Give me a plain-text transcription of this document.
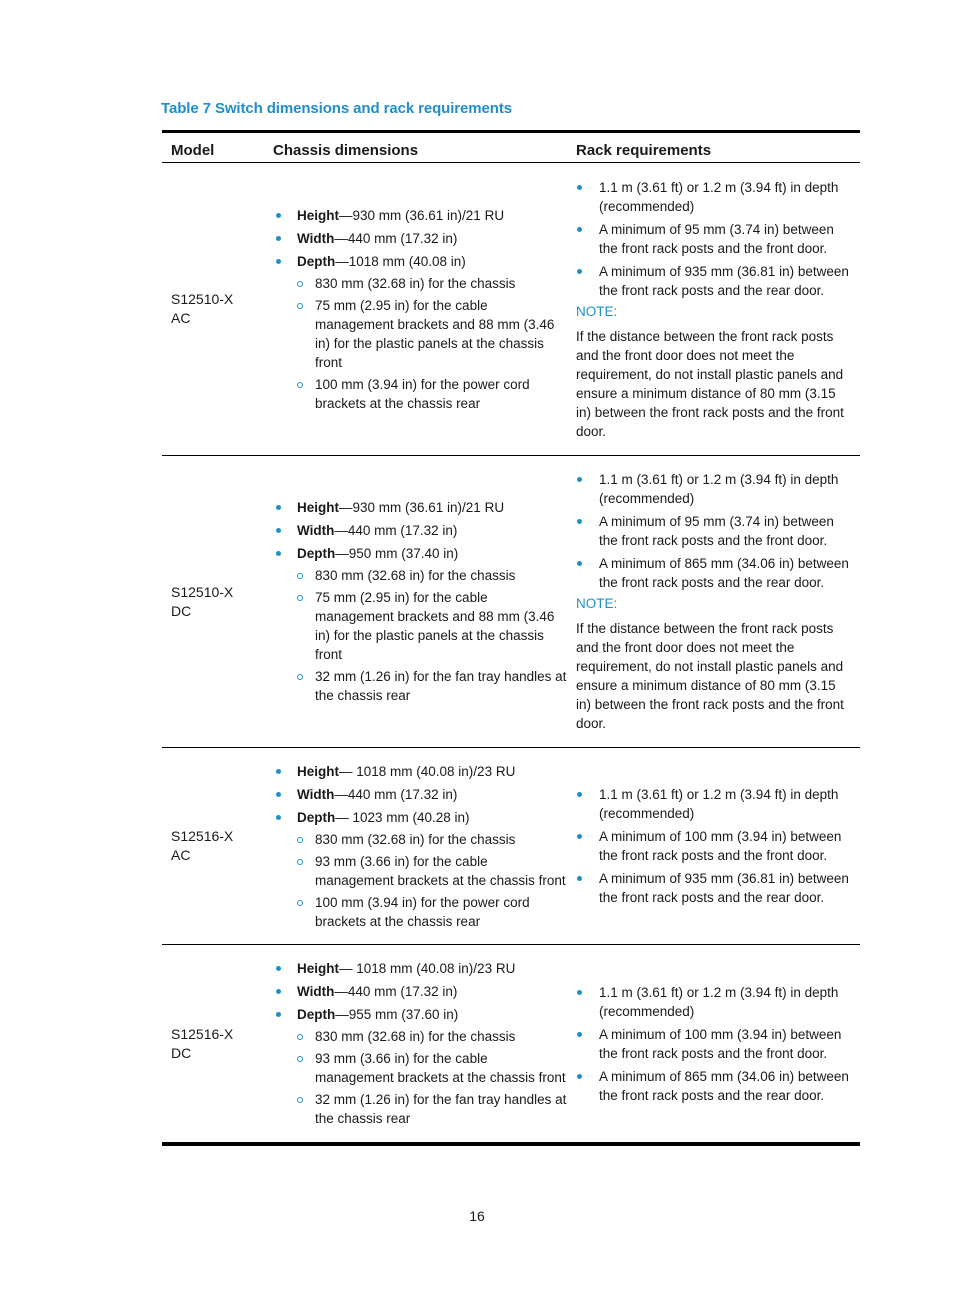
Table 7 Switch dimensions and rack requirements
Model	Chassis dimensions	Rack requirements
S12510-X
AC
Height—930 mm (36.61 in)/21 RU
Width—440 mm (17.32 in)
Depth—1018 mm (40.08 in)
830 mm (32.68 in) for the chassis
75 mm (2.95 in) for the cable management brackets and 88 mm (3.46 in) for the plastic panels at the chassis front
100 mm (3.94 in) for the power cord brackets at the chassis rear
1.1 m (3.61 ft) or 1.2 m (3.94 ft) in depth (recommended)
A minimum of 95 mm (3.74 in) between the front rack posts and the front door.
A minimum of 935 mm (36.81 in) between the front rack posts and the rear door.
NOTE:
If the distance between the front rack posts and the front door does not meet the requirement, do not install plastic panels and ensure a minimum distance of 80 mm (3.15 in) between the front rack posts and the front door.
S12510-X
DC
Height—930 mm (36.61 in)/21 RU
Width—440 mm (17.32 in)
Depth—950 mm (37.40 in)
830 mm (32.68 in) for the chassis
75 mm (2.95 in) for the cable management brackets and 88 mm (3.46 in) for the plastic panels at the chassis front
32 mm (1.26 in) for the fan tray handles at the chassis rear
1.1 m (3.61 ft) or 1.2 m (3.94 ft) in depth (recommended)
A minimum of 95 mm (3.74 in) between the front rack posts and the front door.
A minimum of 865 mm (34.06 in) between the front rack posts and the rear door.
NOTE:
If the distance between the front rack posts and the front door does not meet the requirement, do not install plastic panels and ensure a minimum distance of 80 mm (3.15 in) between the front rack posts and the front door.
S12516-X
AC
Height— 1018 mm (40.08 in)/23 RU
Width—440 mm (17.32 in)
Depth— 1023 mm (40.28 in)
830 mm (32.68 in) for the chassis
93 mm (3.66 in) for the cable management brackets at the chassis front
100 mm (3.94 in) for the power cord brackets at the chassis rear
1.1 m (3.61 ft) or 1.2 m (3.94 ft) in depth (recommended)
A minimum of 100 mm (3.94 in) between the front rack posts and the front door.
A minimum of 935 mm (36.81 in) between the front rack posts and the rear door.
S12516-X
DC
Height— 1018 mm (40.08 in)/23 RU
Width—440 mm (17.32 in)
Depth—955 mm (37.60 in)
830 mm (32.68 in) for the chassis
93 mm (3.66 in) for the cable management brackets at the chassis front
32 mm (1.26 in) for the fan tray handles at the chassis rear
1.1 m (3.61 ft) or 1.2 m (3.94 ft) in depth (recommended)
A minimum of 100 mm (3.94 in) between the front rack posts and the front door.
A minimum of 865 mm (34.06 in) between the front rack posts and the rear door.
16
